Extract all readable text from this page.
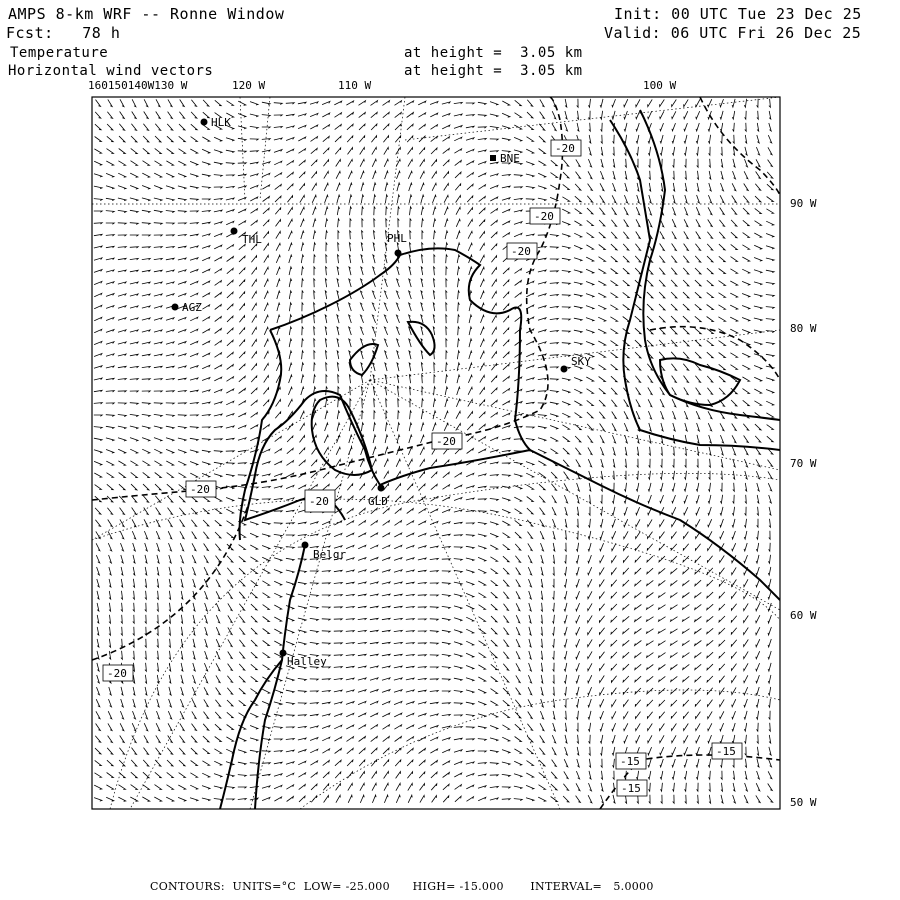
AMPS 8-km WRF -- Ronne Window
Fcst:   78 h
Init: 00 UTC Tue 23 Dec 25
Valid: 06 UTC Fri 26 Dec 25
Temperature
Horizontal wind vectors
at height =  3.05 km
at height =  3.05 km
160150140W130 W	120 W	110 W	100 W
90 W
80 W
70 W
60 W
50 W
HLK
BNE
THL	PHL
AGZ
SKY
GLD
Belgr
Halley
-20
-20
-20
-20
-20
-20
-20
-15
-15
-15
CONTOURS:  UNITS=°C  LOW= -25.000      HIGH= -15.000       INTERVAL=   5.0000
